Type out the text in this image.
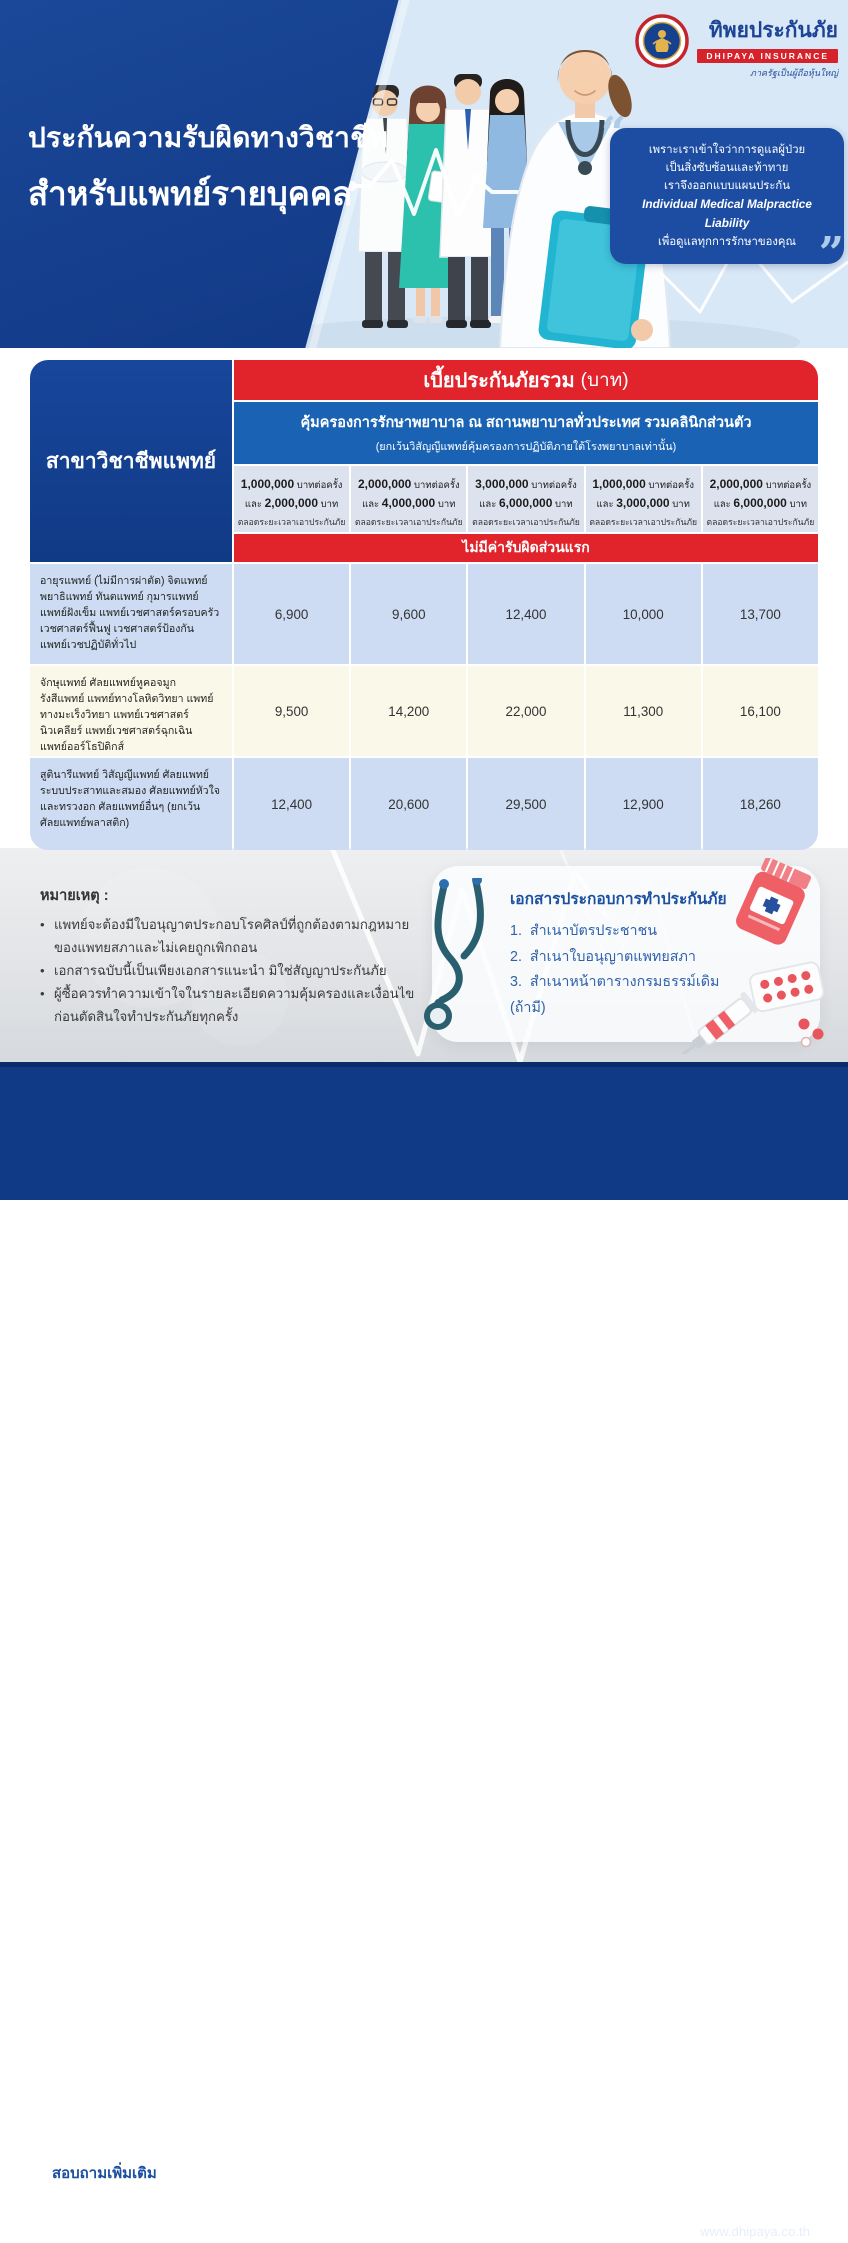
ประกันความรับผิดทางวิชาชีพ
สำหรับแพทย์รายบุคคล
ทิพยประกันภัย
DHIPAYA INSURANCE
ภาครัฐเป็นผู้ถือหุ้นใหญ่
“	เพราะเราเข้าใจว่าการดูแลผู้ป่วย
เป็นสิ่งซับซ้อนและท้าทาย
เราจึงออกแบบแผนประกัน
Individual Medical Malpractice Liability
เพื่อดูแลทุกการรักษาของคุณ ”
สาขาวิชาชีพแพทย์
เบี้ยประกันภัยรวม (บาท)
คุ้มครองการรักษาพยาบาล ณ สถานพยาบาลทั่วประเทศ รวมคลินิกส่วนตัว
(ยกเว้นวิสัญญีแพทย์คุ้มครองการปฏิบัติภายใต้โรงพยาบาลเท่านั้น)
1,000,000 บาทต่อครั้ง
และ 2,000,000 บาท
ตลอดระยะเวลาเอาประกันภัย
2,000,000 บาทต่อครั้ง
และ 4,000,000 บาท
ตลอดระยะเวลาเอาประกันภัย
3,000,000 บาทต่อครั้ง
และ 6,000,000 บาท
ตลอดระยะเวลาเอาประกันภัย
1,000,000 บาทต่อครั้ง
และ 3,000,000 บาท
ตลอดระยะเวลาเอาประกันภัย
2,000,000 บาทต่อครั้ง
และ 6,000,000 บาท
ตลอดระยะเวลาเอาประกันภัย
ไม่มีค่ารับผิดส่วนแรก
อายุรแพทย์ (ไม่มีการผ่าตัด) จิตแพทย์ พยาธิแพทย์ ทันตแพทย์ กุมารแพทย์ แพทย์ฝังเข็ม แพทย์เวชศาสตร์ครอบครัว เวชศาสตร์ฟื้นฟู เวชศาสตร์ป้องกัน แพทย์เวชปฏิบัติทั่วไป
6,900	9,600	12,400	10,000	13,700
จักษุแพทย์ ศัลยแพทย์หูคอจมูก รังสีแพทย์ แพทย์ทางโลหิตวิทยา แพทย์ทางมะเร็งวิทยา แพทย์เวชศาสตร์นิวเคลียร์ แพทย์เวชศาสตร์ฉุกเฉิน แพทย์ออร์โธปิดิกส์
9,500	14,200	22,000	11,300	16,100
สูตินารีแพทย์ วิสัญญีแพทย์ ศัลยแพทย์ระบบประสาทและสมอง ศัลยแพทย์หัวใจและทรวงอก ศัลยแพทย์อื่นๆ (ยกเว้นศัลยแพทย์พลาสติก)
12,400	20,600	29,500	12,900	18,260
หมายเหตุ :
• แพทย์จะต้องมีใบอนุญาตประกอบโรคศิลป์ที่ถูกต้องตามกฎหมาย ของแพทยสภาและไม่เคยถูกเพิกถอน
• เอกสารฉบับนี้เป็นเพียงเอกสารแนะนำ มิใช่สัญญาประกันภัย
• ผู้ซื้อควรทำความเข้าใจในรายละเอียดความคุ้มครองและเงื่อนไข ก่อนตัดสินใจทำประกันภัยทุกครั้ง
เอกสารประกอบการทำประกันภัย
1. สำเนาบัตรประชาชน
2. สำเนาใบอนุญาตแพทยสภา
3. สำเนาหน้าตารางกรมธรรม์เดิม (ถ้ามี)
สอบถามเพิ่มเติม	โทร.1736
www.dhipaya.co.th
